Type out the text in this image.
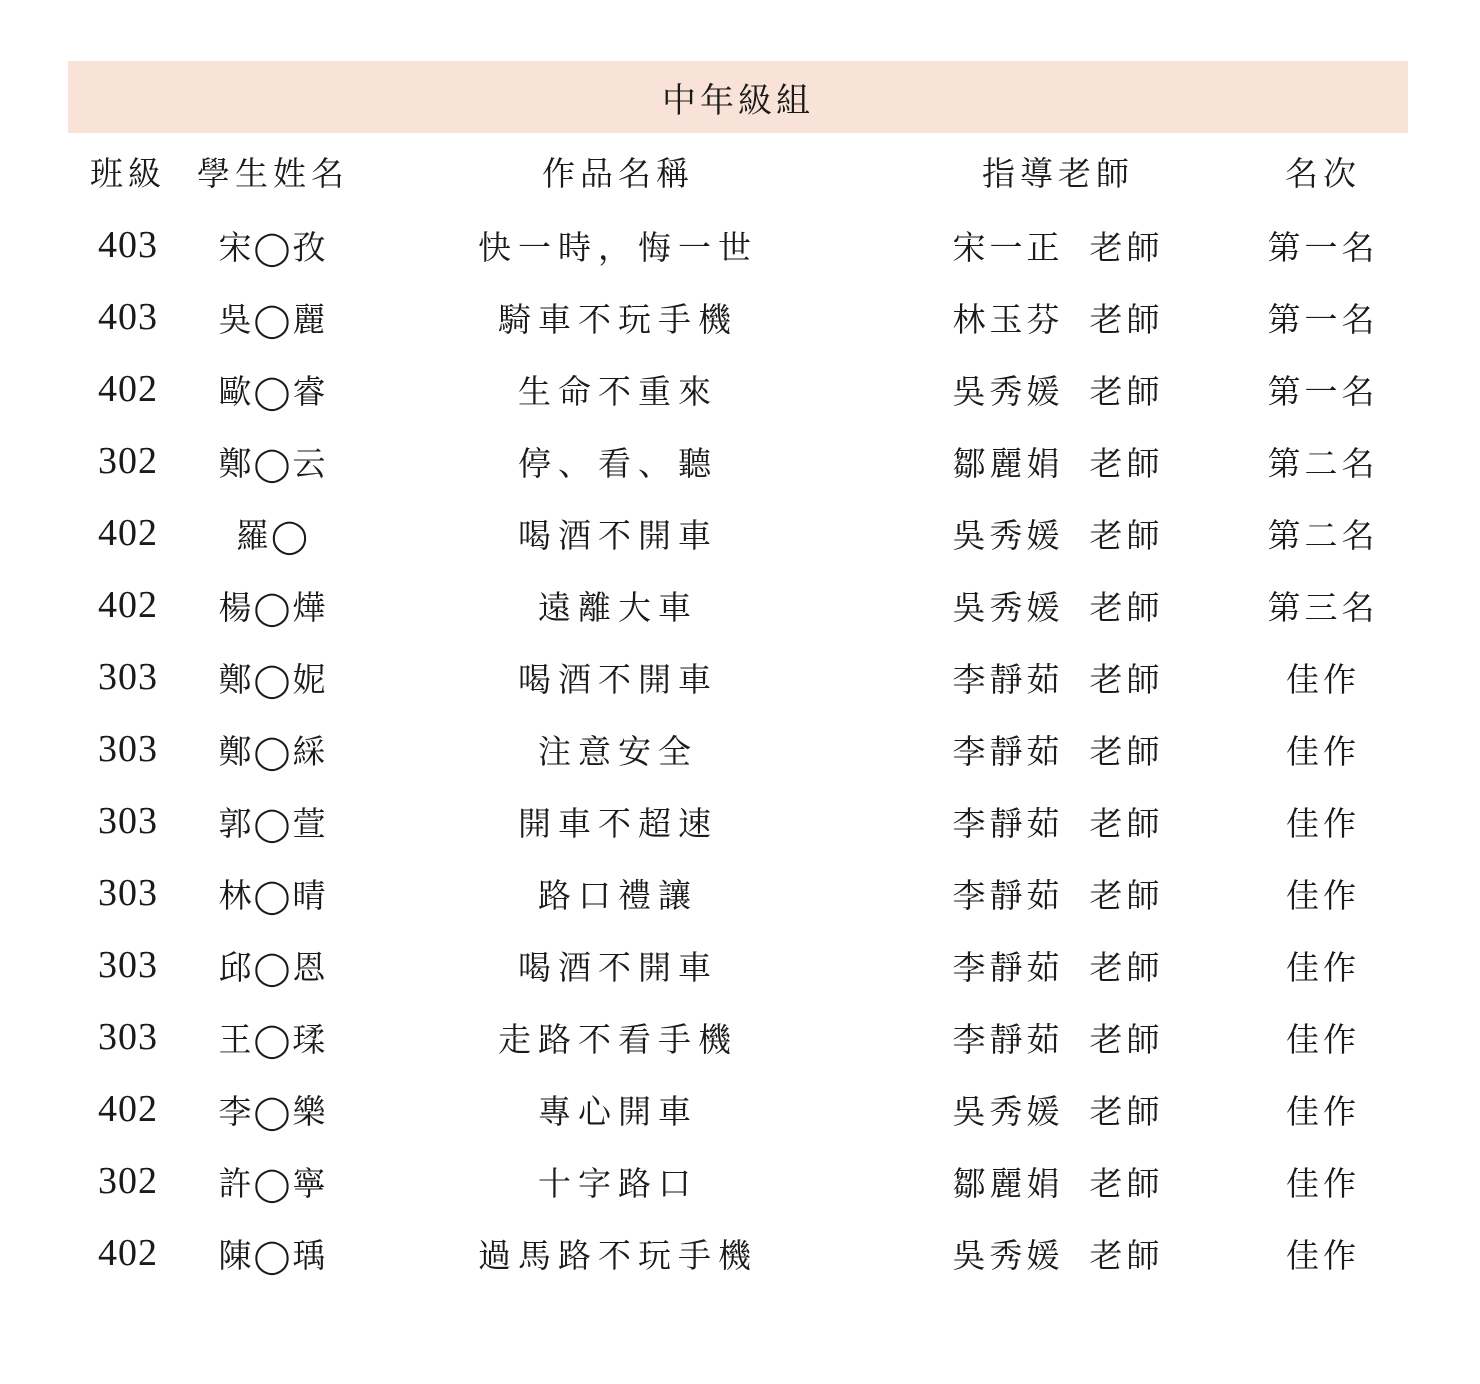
中年級組
班級	學生姓名	作品名稱	指導老師	名次
403	宋◯孜	快一時，悔一世	宋一正 老師	第一名
403	吳◯麗	騎車不玩手機	林玉芬 老師	第一名
402	歐◯睿	生命不重來	吳秀媛 老師	第一名
302	鄭◯云	停、看、聽	鄒麗娟 老師	第二名
402	羅◯	喝酒不開車	吳秀媛 老師	第二名
402	楊◯燁	遠離大車	吳秀媛 老師	第三名
303	鄭◯妮	喝酒不開車	李靜茹 老師	佳作
303	鄭◯綵	注意安全	李靜茹 老師	佳作
303	郭◯萱	開車不超速	李靜茹 老師	佳作
303	林◯晴	路口禮讓	李靜茹 老師	佳作
303	邱◯恩	喝酒不開車	李靜茹 老師	佳作
303	王◯瑈	走路不看手機	李靜茹 老師	佳作
402	李◯樂	專心開車	吳秀媛 老師	佳作
302	許◯寧	十字路口	鄒麗娟 老師	佳作
402	陳◯瑀	過馬路不玩手機	吳秀媛 老師	佳作
